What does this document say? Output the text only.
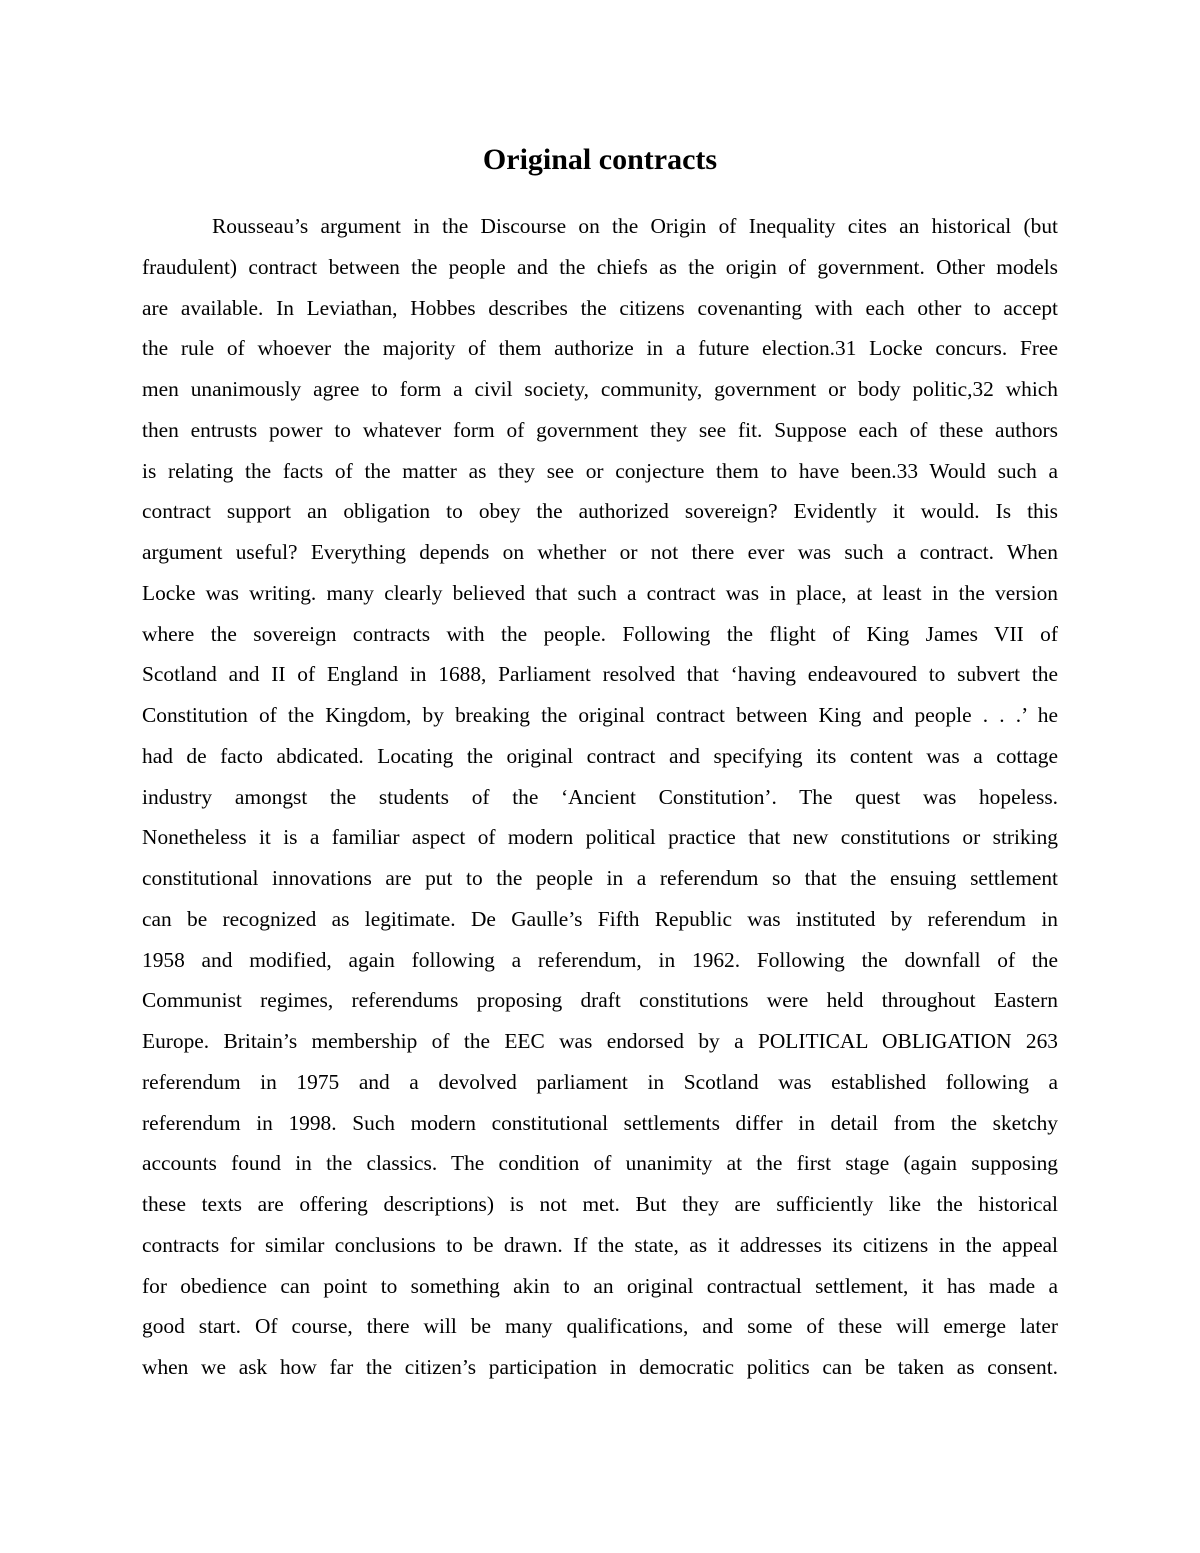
Original contracts
Rousseau’s argument in the Discourse on the Origin of Inequality cites an historical (but
fraudulent) contract between the people and the chiefs as the origin of government. Other models
are available. In Leviathan, Hobbes describes the citizens covenanting with each other to accept
the rule of whoever the majority of them authorize in a future election.31 Locke concurs. Free
men unanimously agree to form a civil society, community, government or body politic,32 which
then entrusts power to whatever form of government they see fit. Suppose each of these authors
is relating the facts of the matter as they see or conjecture them to have been.33 Would such a
contract support an obligation to obey the authorized sovereign? Evidently it would. Is this
argument useful? Everything depends on whether or not there ever was such a contract. When
Locke was writing. many clearly believed that such a contract was in place, at least in the version
where the sovereign contracts with the people. Following the flight of King James VII of
Scotland and II of England in 1688, Parliament resolved that ‘having endeavoured to subvert the
Constitution of the Kingdom, by breaking the original contract between King and people . . .’ he
had de facto abdicated. Locating the original contract and specifying its content was a cottage
industry amongst the students of the ‘Ancient Constitution’. The quest was hopeless.
Nonetheless it is a familiar aspect of modern political practice that new constitutions or striking
constitutional innovations are put to the people in a referendum so that the ensuing settlement
can be recognized as legitimate. De Gaulle’s Fifth Republic was instituted by referendum in
1958 and modified, again following a referendum, in 1962. Following the downfall of the
Communist regimes, referendums proposing draft constitutions were held throughout Eastern
Europe. Britain’s membership of the EEC was endorsed by a POLITICAL OBLIGATION 263
referendum in 1975 and a devolved parliament in Scotland was established following a
referendum in 1998. Such modern constitutional settlements differ in detail from the sketchy
accounts found in the classics. The condition of unanimity at the first stage (again supposing
these texts are offering descriptions) is not met. But they are sufficiently like the historical
contracts for similar conclusions to be drawn. If the state, as it addresses its citizens in the appeal
for obedience can point to something akin to an original contractual settlement, it has made a
good start. Of course, there will be many qualifications, and some of these will emerge later
when we ask how far the citizen’s participation in democratic politics can be taken as consent.
